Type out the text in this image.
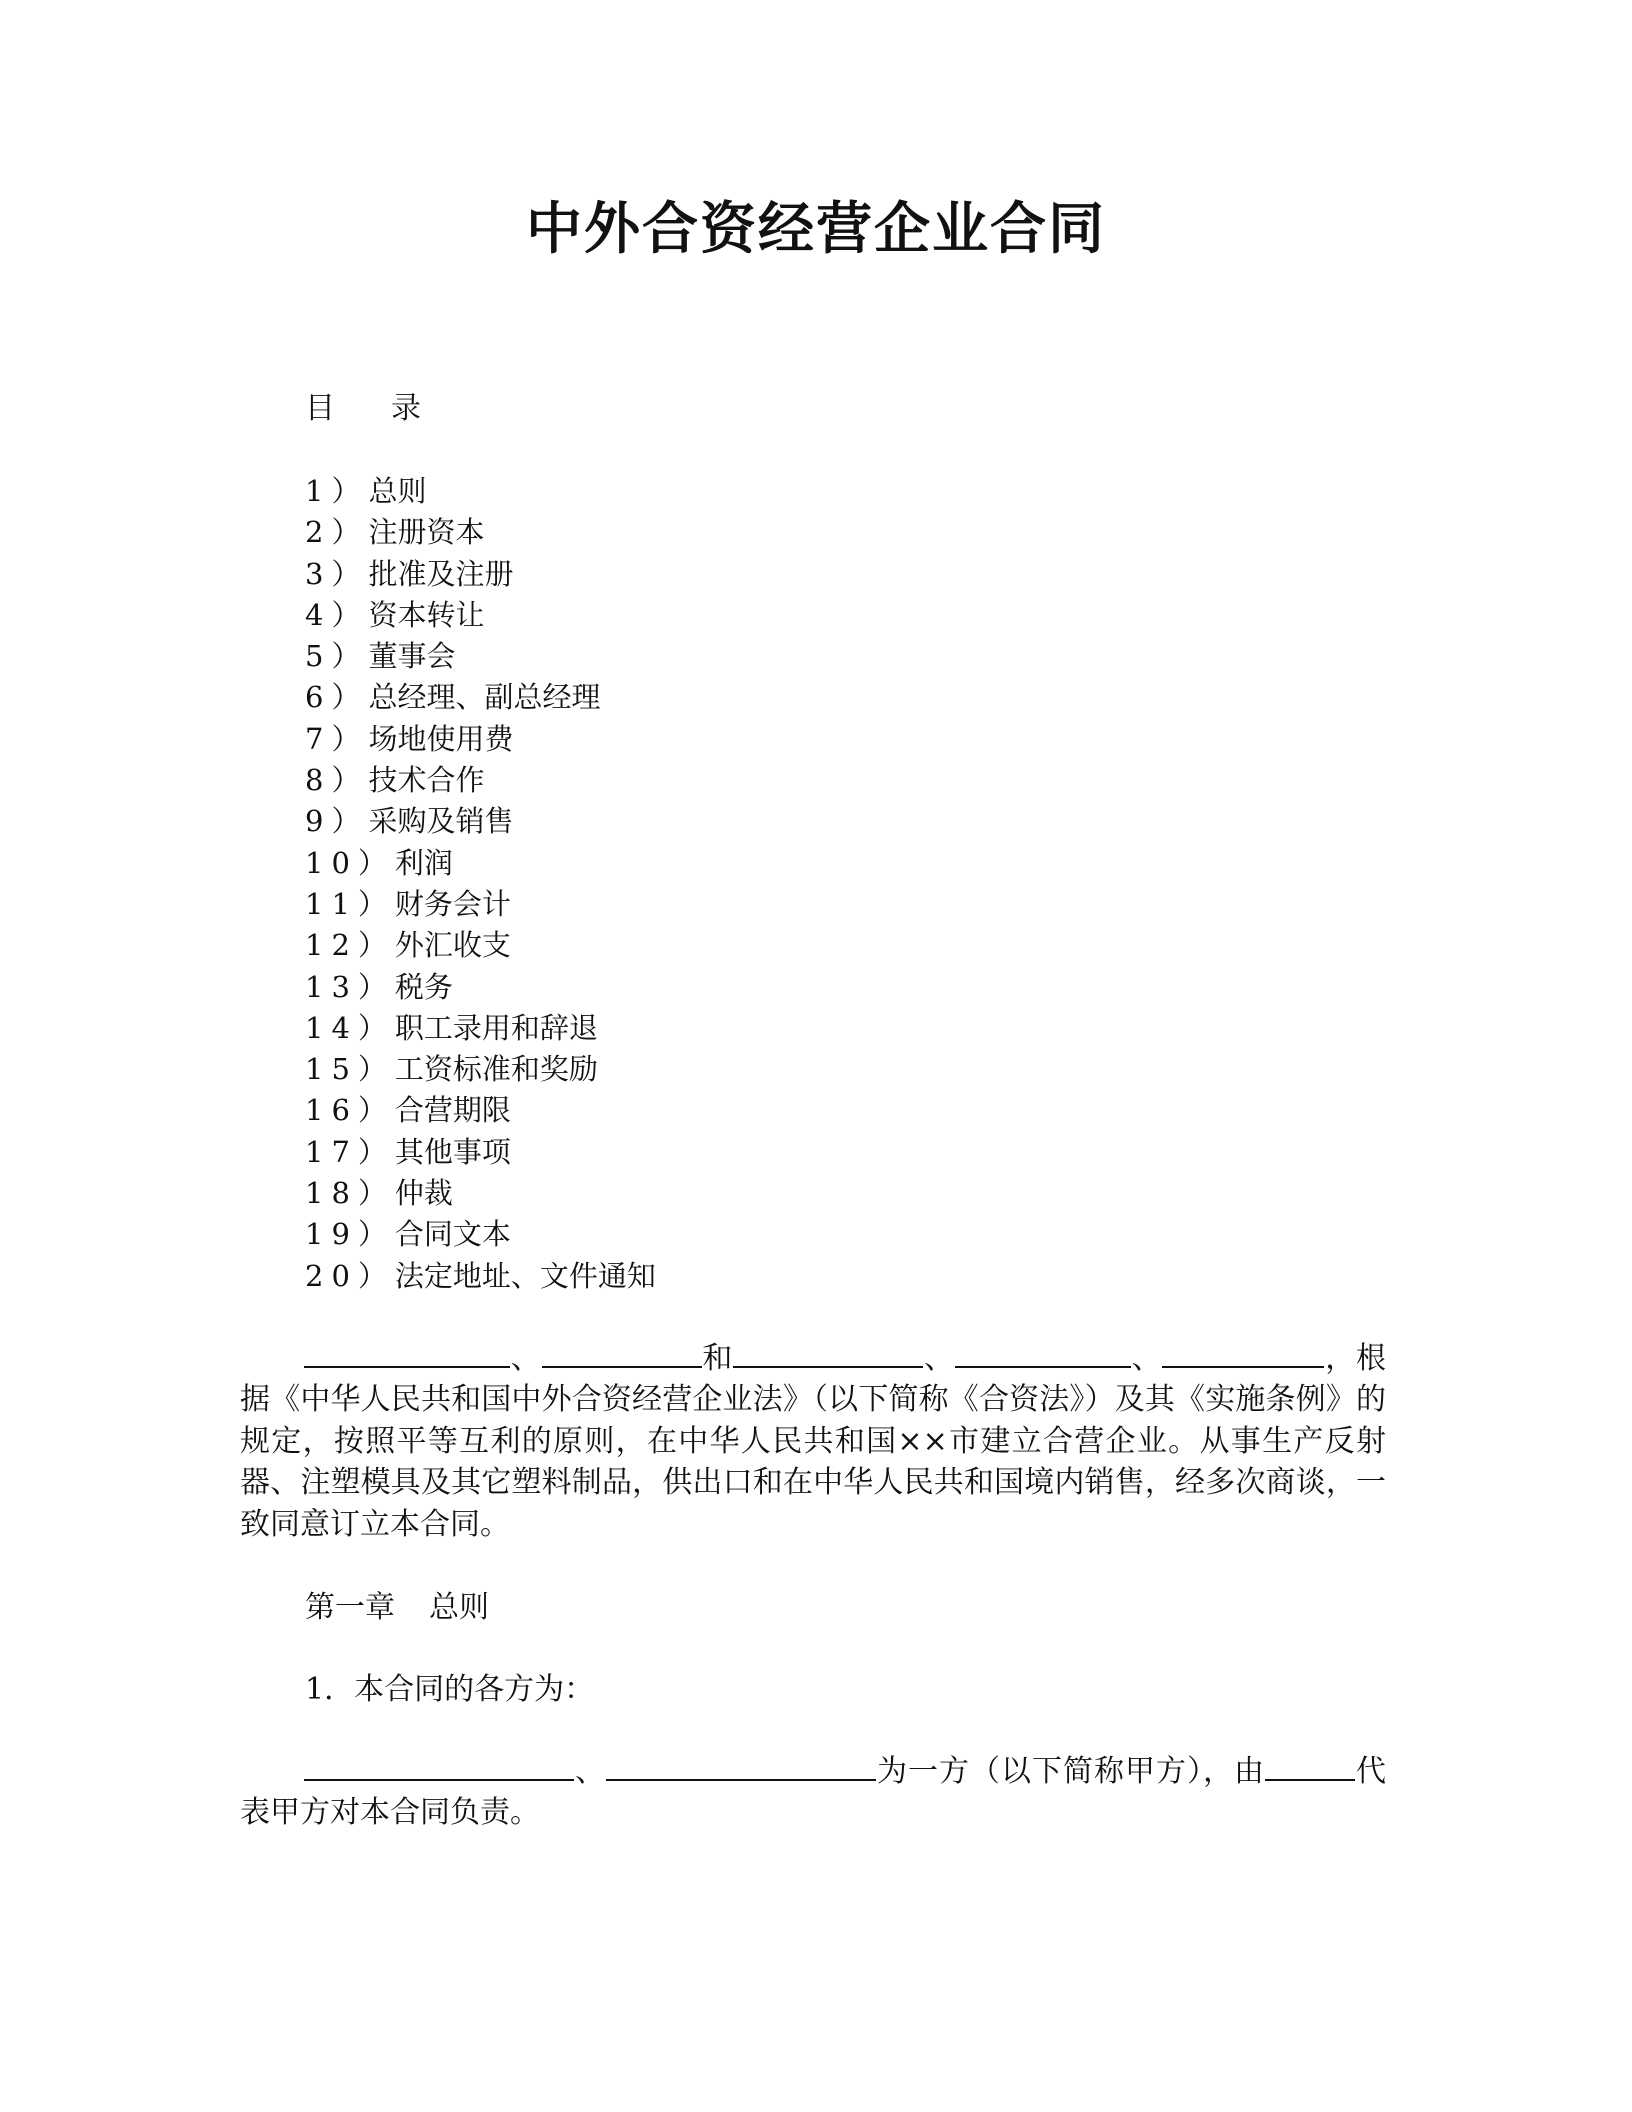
中外合资经营企业合同
目录
1）总则
2）注册资本
3）批准及注册
4）资本转让
5）董事会
6）总经理、副总经理
7）场地使用费
8）技术合作
9）采购及销售
10）利润
11）财务会计
12）外汇收支
13）税务
14）职工录用和辞退
15）工资标准和奖励
16）合营期限
17）其他事项
18）仲裁
19）合同文本
20）法定地址、文件通知

、	和	、	、	，根据《中华人民共和国中外合资经营企业法》（以下简称《合资法》）及其《实施条例》的规定，按照平等互利的原则，在中华人民共和国××市建立合营企业。从事生产反射器、注塑模具及其它塑料制品，供出口和在中华人民共和国境内销售，经多次商谈，一致同意订立本合同。

第一章 总则
1．本合同的各方为：

、	为一方（以下简称甲方），由	代表甲方对本合同负责。
